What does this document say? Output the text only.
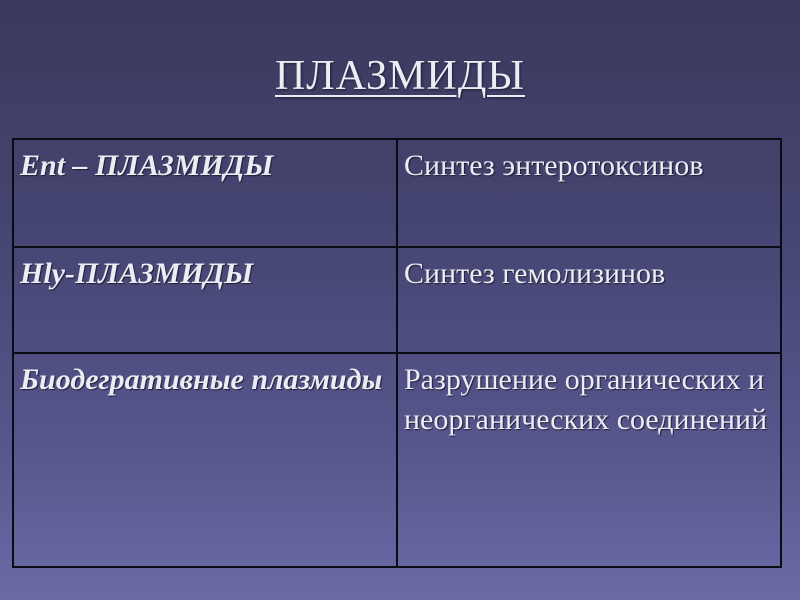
ПЛАЗМИДЫ
Ent – ПЛАЗМИДЫ	Синтез энтеротоксинов
Hly-ПЛАЗМИДЫ	Синтез гемолизинов
Биодегративные плазмиды	Разрушение органических и неорганических соединений
